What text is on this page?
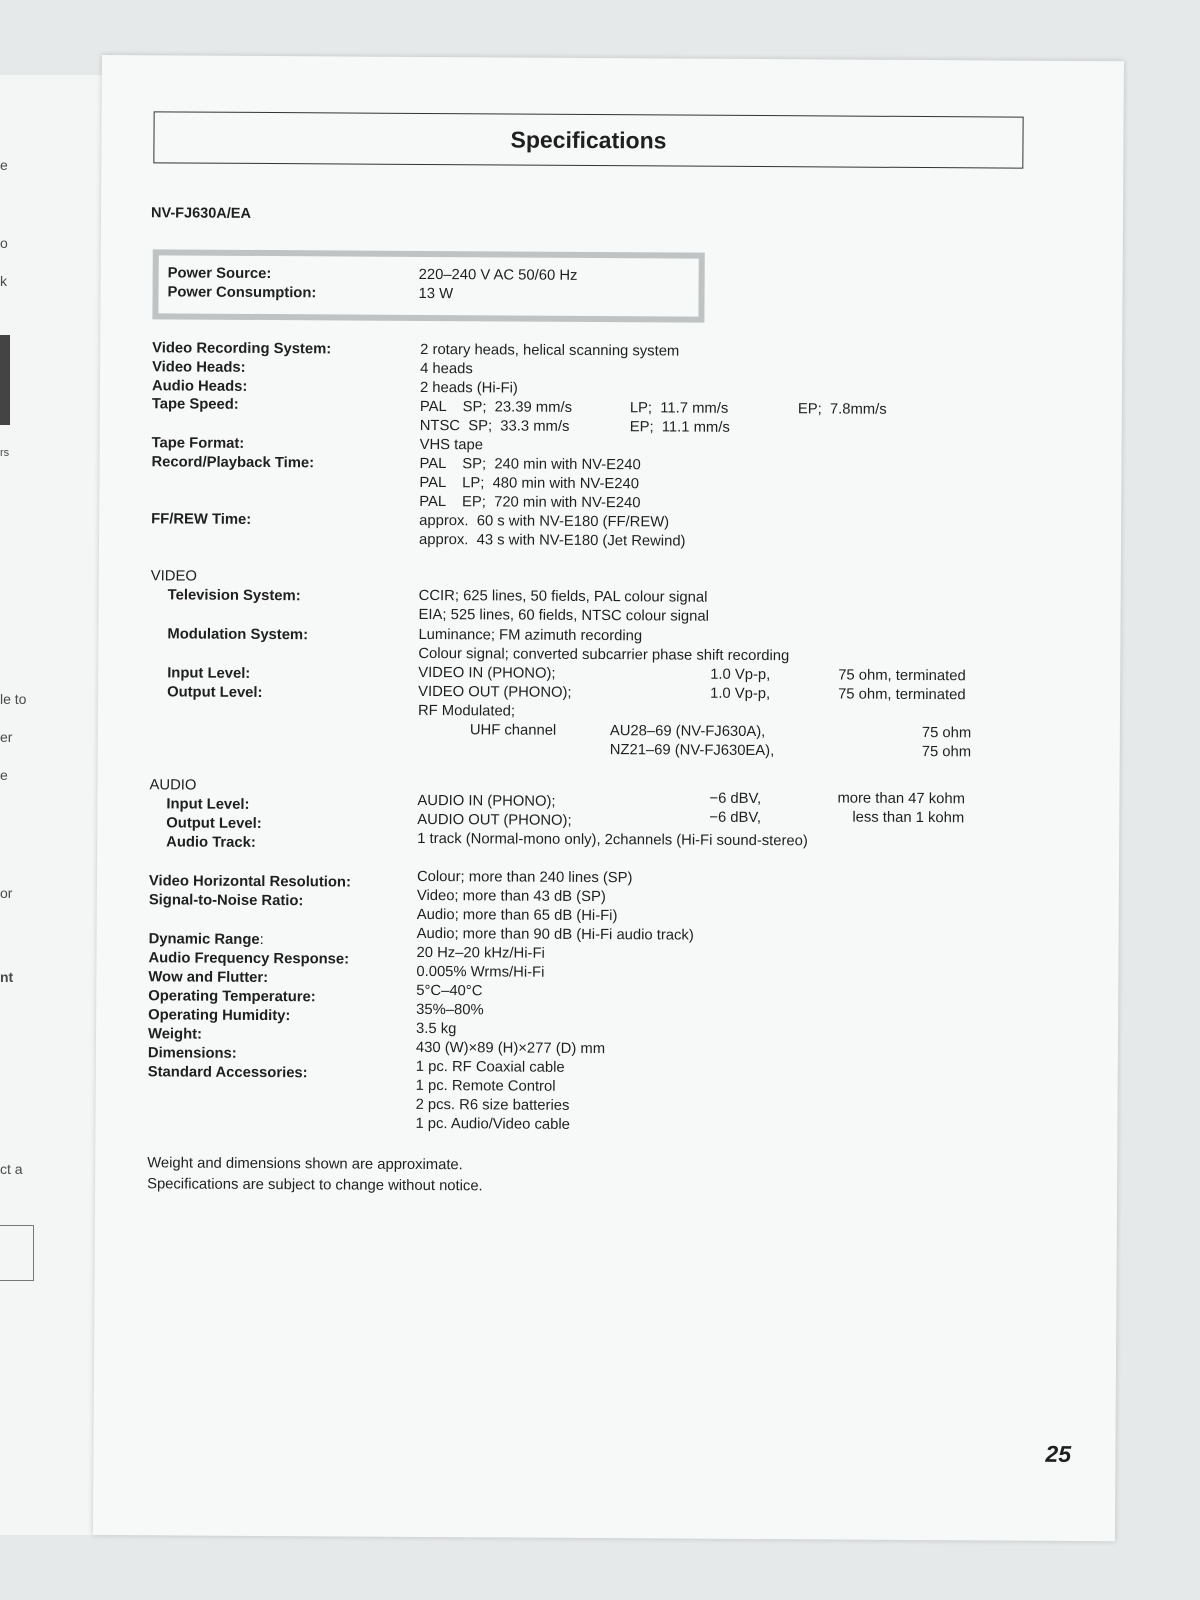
e
o
k
rs
le to
er
e
or
nt
ct a
Specifications
NV-FJ630A/EA
Power Source:	220–240 V AC 50/60 Hz
Power Consumption:	13 W
Video Recording System:	2 rotary heads, helical scanning system
Video Heads:	4 heads
Audio Heads:	2 heads (Hi-Fi)
Tape Speed:	PAL    SP;  23.39 mm/s	LP;  11.7 mm/s	EP;  7.8mm/s
NTSC  SP;  33.3 mm/s	EP;  11.1 mm/s
Tape Format:	VHS tape
Record/Playback Time:	PAL    SP;  240 min with NV-E240
PAL    LP;  480 min with NV-E240
PAL    EP;  720 min with NV-E240
FF/REW Time:	approx.  60 s with NV-E180 (FF/REW)
approx.  43 s with NV-E180 (Jet Rewind)
VIDEO
Television System:	CCIR; 625 lines, 50 fields, PAL colour signal
EIA; 525 lines, 60 fields, NTSC colour signal
Modulation System:	Luminance; FM azimuth recording
Colour signal; converted subcarrier phase shift recording
Input Level:	VIDEO IN (PHONO);	1.0 Vp-p,	75 ohm, terminated
Output Level:	VIDEO OUT (PHONO);	1.0 Vp-p,	75 ohm, terminated
RF Modulated;
UHF channel	AU28–69 (NV-FJ630A),	75 ohm
NZ21–69 (NV-FJ630EA),	75 ohm
AUDIO
Input Level:	AUDIO IN (PHONO);	−6 dBV,	more than 47 kohm
Output Level:	AUDIO OUT (PHONO);	−6 dBV,	less than 1 kohm
Audio Track:	1 track (Normal-mono only), 2channels (Hi-Fi sound-stereo)
Video Horizontal Resolution:	Colour; more than 240 lines (SP)
Signal-to-Noise Ratio:	Video; more than 43 dB (SP)
Audio; more than 65 dB (Hi-Fi)
Dynamic Range:	Audio; more than 90 dB (Hi-Fi audio track)
Audio Frequency Response:	20 Hz–20 kHz/Hi-Fi
Wow and Flutter:	0.005% Wrms/Hi-Fi
Operating Temperature:	5°C–40°C
Operating Humidity:	35%–80%
Weight:	3.5 kg
Dimensions:	430 (W)×89 (H)×277 (D) mm
Standard Accessories:	1 pc. RF Coaxial cable
1 pc. Remote Control
2 pcs. R6 size batteries
1 pc. Audio/Video cable
Weight and dimensions shown are approximate.
Specifications are subject to change without notice.
25
